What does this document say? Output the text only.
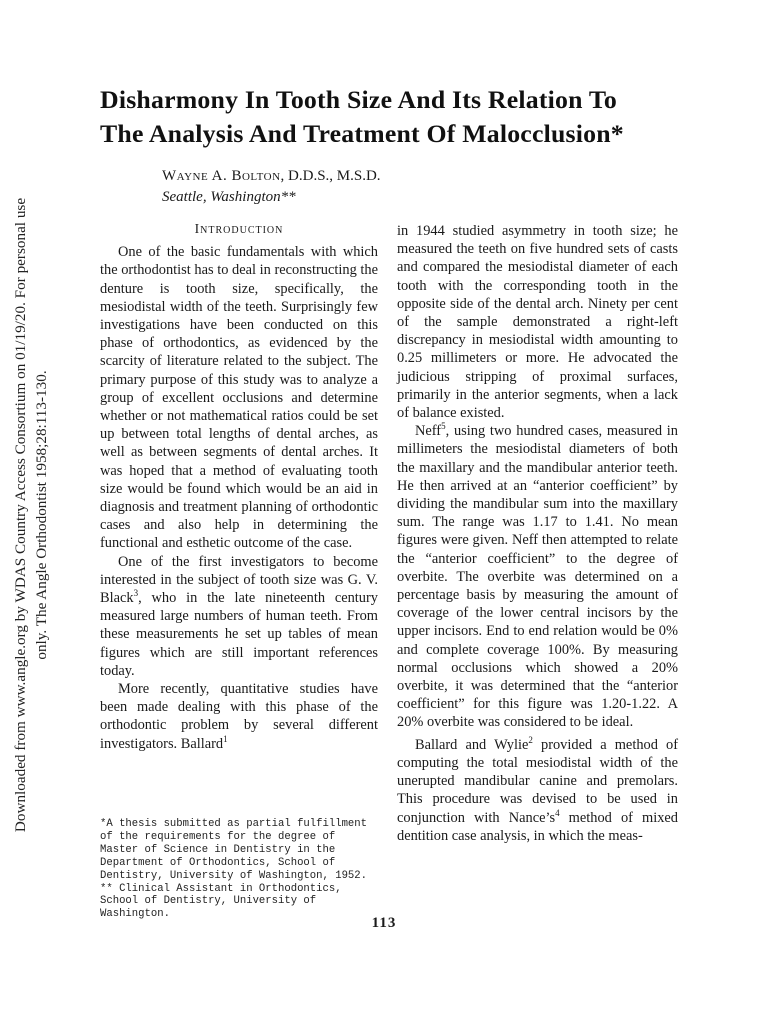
Downloaded from www.angle.org by WDAS Country Access Consortium on 01/19/20. For personal use only. The Angle Orthodontist 1958;28:113-130.
Disharmony In Tooth Size And Its Relation To
The Analysis And Treatment Of Malocclusion*
Wayne A. Bolton, D.D.S., M.S.D.
Seattle, Washington**
Introduction

One of the basic fundamentals with which the orthodontist has to deal in reconstructing the denture is tooth size, specifically, the mesiodistal width of the teeth. Surprisingly few investigations have been conducted on this phase of orthodontics, as evidenced by the scarcity of literature related to the subject. The primary purpose of this study was to analyze a group of excellent occlusions and determine whether or not mathematical ratios could be set up between total lengths of dental arches, as well as between segments of dental arches. It was hoped that a method of evaluating tooth size would be found which would be an aid in diagnosis and treatment planning of orthodontic cases and also help in determining the functional and esthetic outcome of the case.

One of the first investigators to become interested in the subject of tooth size was G. V. Black$^3$, who in the late nineteenth century measured large numbers of human teeth. From these measurements he set up tables of mean figures which are still important references today.

More recently, quantitative studies have been made dealing with this phase of the orthodontic problem by several different investigators. Ballard$^1$

*A thesis submitted as partial fulfillment of the requirements for the degree of Master of Science in Dentistry in the Department of Orthodontics, School of Dentistry, University of Washington, 1952.

** Clinical Assistant in Orthodontics, School of Dentistry, University of Washington.

in 1944 studied asymmetry in tooth size; he measured the teeth on five hundred sets of casts and compared the mesiodistal diameter of each tooth with the corresponding tooth in the opposite side of the dental arch. Ninety per cent of the sample demonstrated a right-left discrepancy in mesiodistal width amounting to 0.25 millimeters or more. He advocated the judicious stripping of proximal surfaces, primarily in the anterior segments, when a lack of balance existed.

Neff$^5$, using two hundred cases, measured in millimeters the mesiodistal diameters of both the maxillary and the mandibular anterior teeth. He then arrived at an “anterior coefficient” by dividing the mandibular sum into the maxillary sum. The range was 1.17 to 1.41. No mean figures were given. Neff then attempted to relate the “anterior coefficient” to the degree of overbite. The overbite was determined on a percentage basis by measuring the amount of coverage of the lower central incisors by the upper incisors. End to end relation would be 0% and complete coverage 100%. By measuring normal occlusions which showed a 20% overbite, it was determined that the “anterior coefficient” for this figure was 1.20-1.22. A 20% overbite was considered to be ideal.

Ballard and Wylie$^2$ provided a method of computing the total mesiodistal width of the unerupted mandibular canine and premolars. This procedure was devised to be used in conjunction with $Nance’s^4$ method of mixed dentition case analysis, in which the meas-

113
